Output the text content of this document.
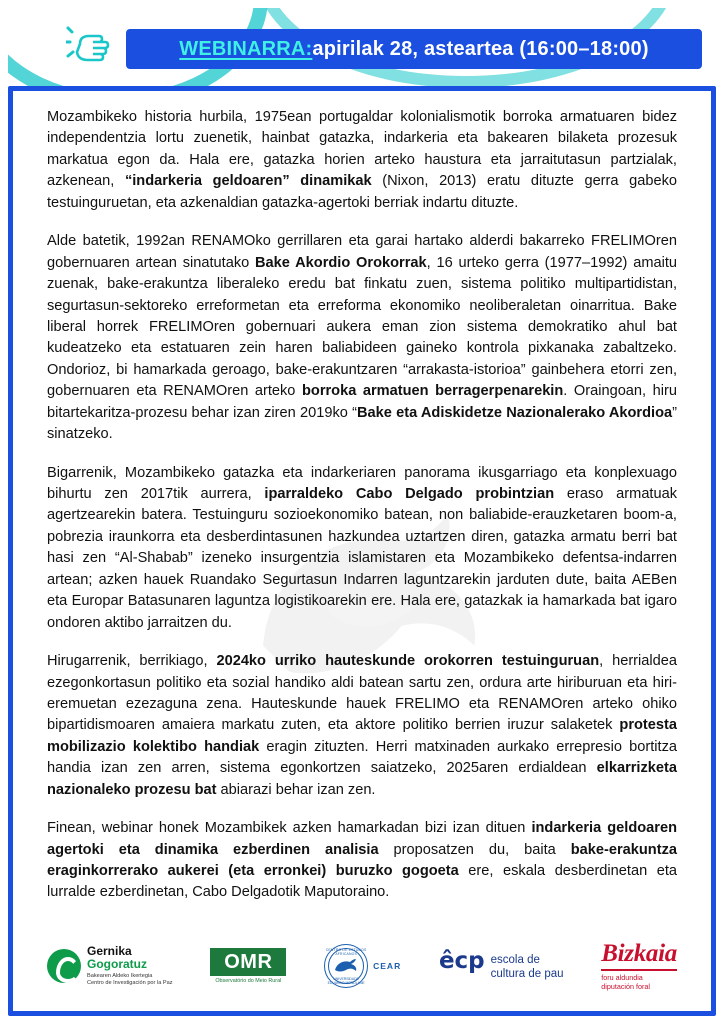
WEBINARRA: apirilak 28, asteartea (16:00–18:00)

Mozambikeko historia hurbila, 1975ean portugaldar kolonialismotik borroka armatuaren bidez independentzia lortu zuenetik, hainbat gatazka, indarkeria eta bakearen bilaketa prozesuk markatua egon da. Hala ere, gatazka horien arteko haustura eta jarraitutasun partzialak, azkenean, “indarkeria geldoaren” dinamikak (Nixon, 2013) eratu dituzte gerra gabeko testuinguruetan, eta azkenaldian gatazka-agertoki berriak indartu dituzte.

Alde batetik, 1992an RENAMOko gerrillaren eta garai hartako alderdi bakarreko FRELIMOren gobernuaren artean sinatutako Bake Akordio Orokorrak, 16 urteko gerra (1977–1992) amaitu zuenak, bake-erakuntza liberaleko eredu bat finkatu zuen, sistema politiko multipartidistan, segurtasun-sektoreko erreformetan eta erreforma ekonomiko neoliberaletan oinarritua. Bake liberal horrek FRELIMOren gobernuari aukera eman zion sistema demokratiko ahul bat kudeatzeko eta estatuaren zein haren baliabideen gaineko kontrola pixkanaka zabaltzeko. Ondorioz, bi hamarkada geroago, bake-erakuntzaren “arrakasta-istorioa” gainbehera etorri zen, gobernuaren eta RENAMOren arteko borroka armatuen berragerpenarekin. Oraingoan, hiru bitartekaritza-prozesu behar izan ziren 2019ko “Bake eta Adiskidetze Nazionalerako Akordioa” sinatzeko.

Bigarrenik, Mozambikeko gatazka eta indarkeriaren panorama ikusgarriago eta konplexuago bihurtu zen 2017tik aurrera, iparraldeko Cabo Delgado probintzian eraso armatuak agertzearekin batera. Testuinguru sozioekonomiko batean, non baliabide-erauzketaren boom-a, pobrezia iraunkorra eta desberdintasunen hazkundea uztartzen diren, gatazka armatu berri bat hasi zen “Al-Shabab” izeneko insurgentzia islamistaren eta Mozambikeko defentsa-indarren artean; azken hauek Ruandako Segurtasun Indarren laguntzarekin jarduten dute, baita AEBen eta Europar Batasunaren laguntza logistikoarekin ere. Hala ere, gatazkak ia hamarkada bat igaro ondoren aktibo jarraitzen du.

Hirugarrenik, berrikiago, 2024ko urriko hauteskunde orokorren testuinguruan, herrialdea ezegonkortasun politiko eta sozial handiko aldi batean sartu zen, ordura arte hiriburuan eta hiri-eremuetan ezezaguna zena. Hauteskunde hauek FRELIMO eta RENAMOren arteko ohiko bipartidismoaren amaiera markatu zuten, eta aktore politiko berrien iruzur salaketek protesta mobilizazio kolektibo handiak eragin zituzten. Herri matxinaden aurkako errepresio bortitza handia izan zen arren, sistema egonkortzen saiatzeko, 2025aren erdialdean elkarrizketa nazionaleko prozesu bat abiarazi behar izan zen.

Finean, webinar honek Mozambikek azken hamarkadan bizi izan dituen indarkeria geldoaren agertoki eta dinamika ezberdinen analisia proposatzen du, baita bake-erakuntza eraginkorrerako aukerei (eta erronkei) buruzko gogoeta ere, eskala desberdinetan eta lurralde ezberdinetan, Cabo Delgadotik Maputoraino.

Gernika
Gogoratuz
Bakearen Aldeko Ikertegia
Centro de Investigación por la Paz
OMR
Observatório do Meio Rural
CENTRO DE ESTUDOS AFRICANOS
UNIVERSIDADE EDUARDO MONDLANE
CEAR êcp escola de
cultura de pau
Bizkaia
foru aldundia
diputación foral
